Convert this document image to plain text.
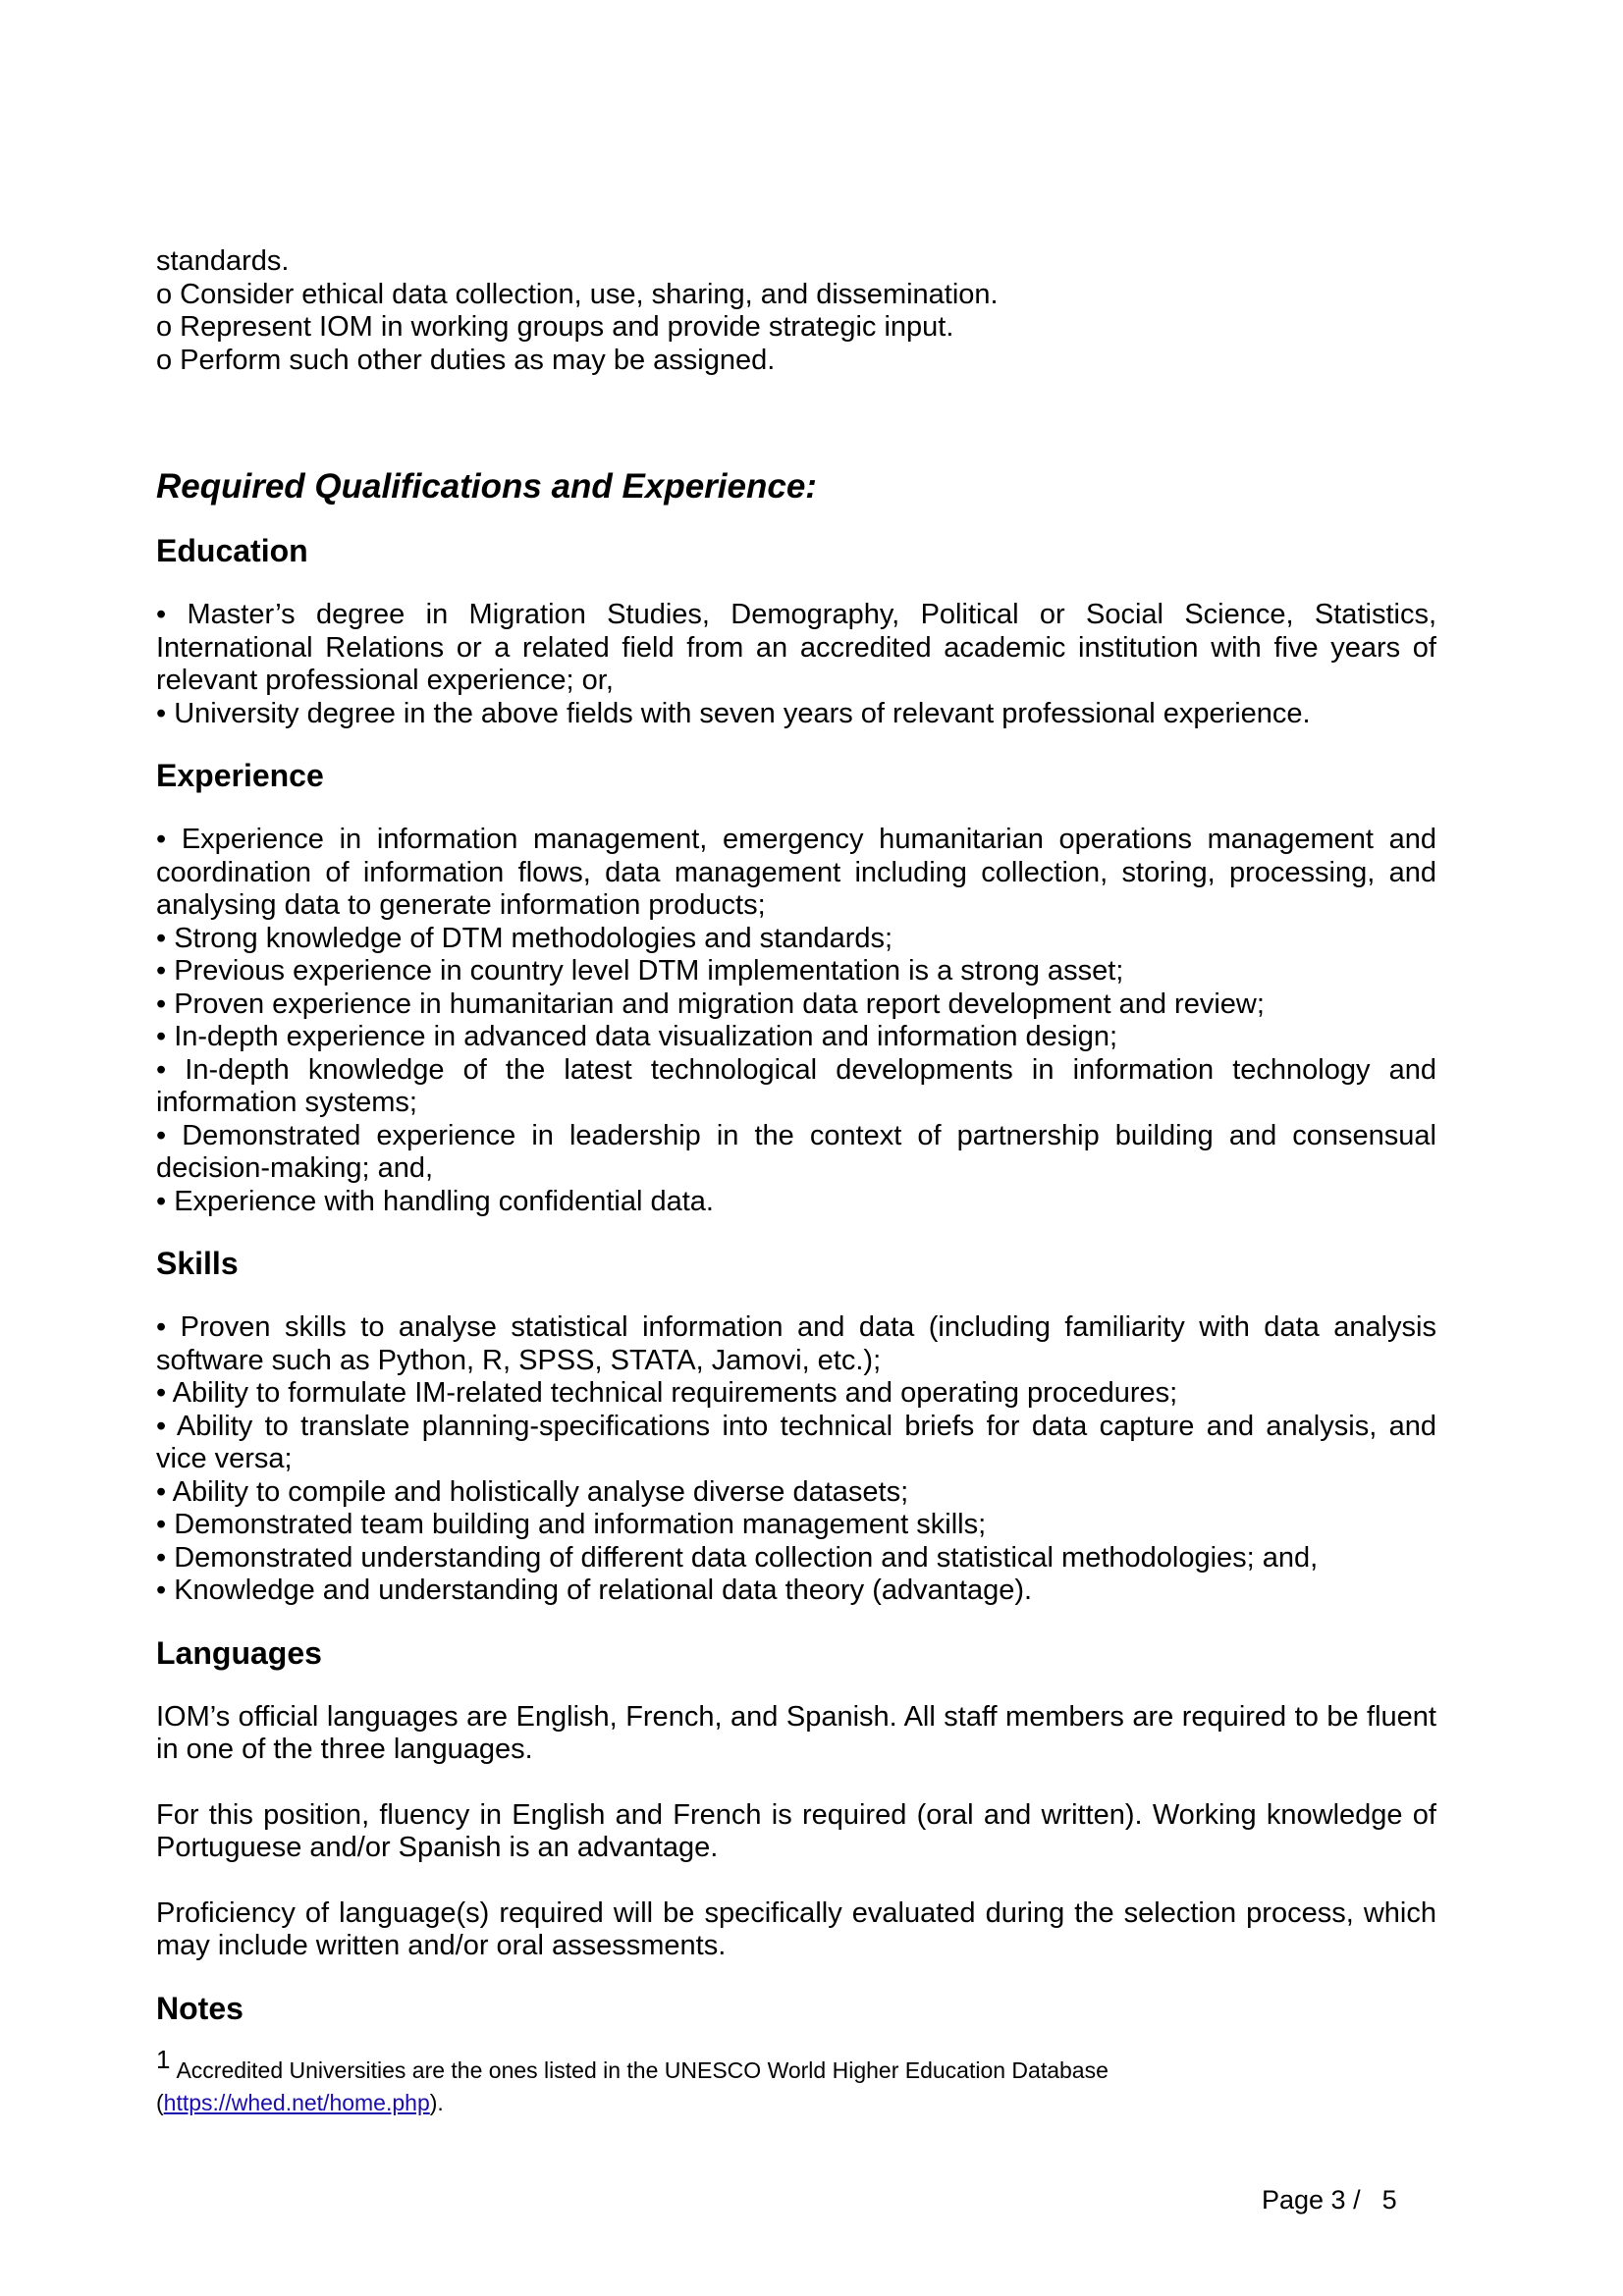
standards.
o Consider ethical data collection, use, sharing, and dissemination.
o Represent IOM in working groups and provide strategic input.
o Perform such other duties as may be assigned.
Required Qualifications and Experience:
Education

• Master’s degree in Migration Studies, Demography, Political or Social Science, Statistics, International Relations or a related field from an accredited academic institution with five years of relevant professional experience; or,

• University degree in the above fields with seven years of relevant professional experience.

Experience

• Experience in information management, emergency humanitarian operations management and coordination of information flows, data management including collection, storing, processing, and analysing data to generate information products;

• Strong knowledge of DTM methodologies and standards;

• Previous experience in country level DTM implementation is a strong asset;

• Proven experience in humanitarian and migration data report development and review;

• In-depth experience in advanced data visualization and information design;

• In-depth knowledge of the latest technological developments in information technology and information systems;

• Demonstrated experience in leadership in the context of partnership building and consensual decision-making; and,

• Experience with handling confidential data.

Skills

• Proven skills to analyse statistical information and data (including familiarity with data analysis software such as Python, R, SPSS, STATA, Jamovi, etc.);

• Ability to formulate IM-related technical requirements and operating procedures;

• Ability to translate planning-specifications into technical briefs for data capture and analysis, and vice versa;

• Ability to compile and holistically analyse diverse datasets;

• Demonstrated team building and information management skills;

• Demonstrated understanding of different data collection and statistical methodologies; and,

• Knowledge and understanding of relational data theory (advantage).

Languages

IOM’s official languages are English, French, and Spanish. All staff members are required to be fluent in one of the three languages.

For this position, fluency in English and French is required (oral and written). Working knowledge of Portuguese and/or Spanish is an advantage.

Proficiency of language(s) required will be specifically evaluated during the selection process, which may include written and/or oral assessments.

Notes
$^1$ Accredited Universities are the ones listed in the UNESCO World Higher Education Database
(https://whed.net/home.php).
Page 3 / 5
